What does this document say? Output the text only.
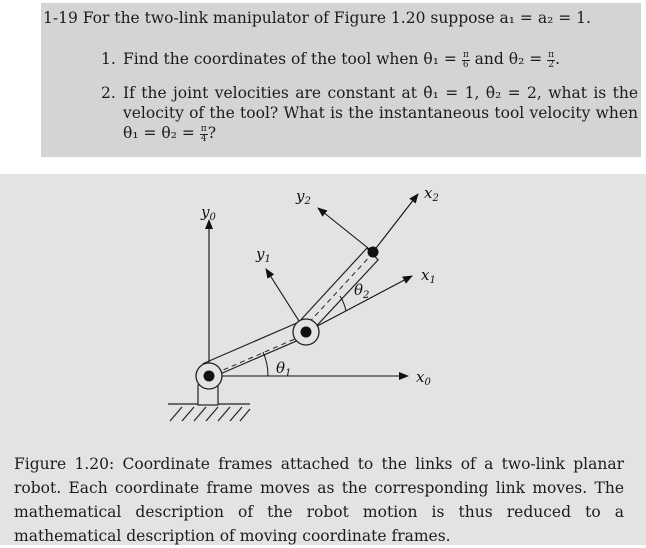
1-19 For the two-link manipulator of Figure 1.20 suppose a₁ = a₂ = 1.
1. Find the coordinates of the tool when $\theta_1 = \frac{\pi}{6}$ and $\theta_2 = \frac{\pi}{2}$ .
2. If the joint velocities are constant at θ̇₁ = 1, θ̇₂ = 2, what is the velocity of the tool? What is the instantaneous tool velocity when $\theta_1 = \theta_2 = \frac{\pi}{4}$ ?
$y_0$
$x_0$
$y_1$
$x_1$
$y_2$	$x_2$
$\theta_1$
$\theta_2$
Figure 1.20: Coordinate frames attached to the links of a two-link planar robot. Each coordinate frame moves as the corresponding link moves. The mathematical description of the robot motion is thus reduced to a mathematical description of moving coordinate frames.
